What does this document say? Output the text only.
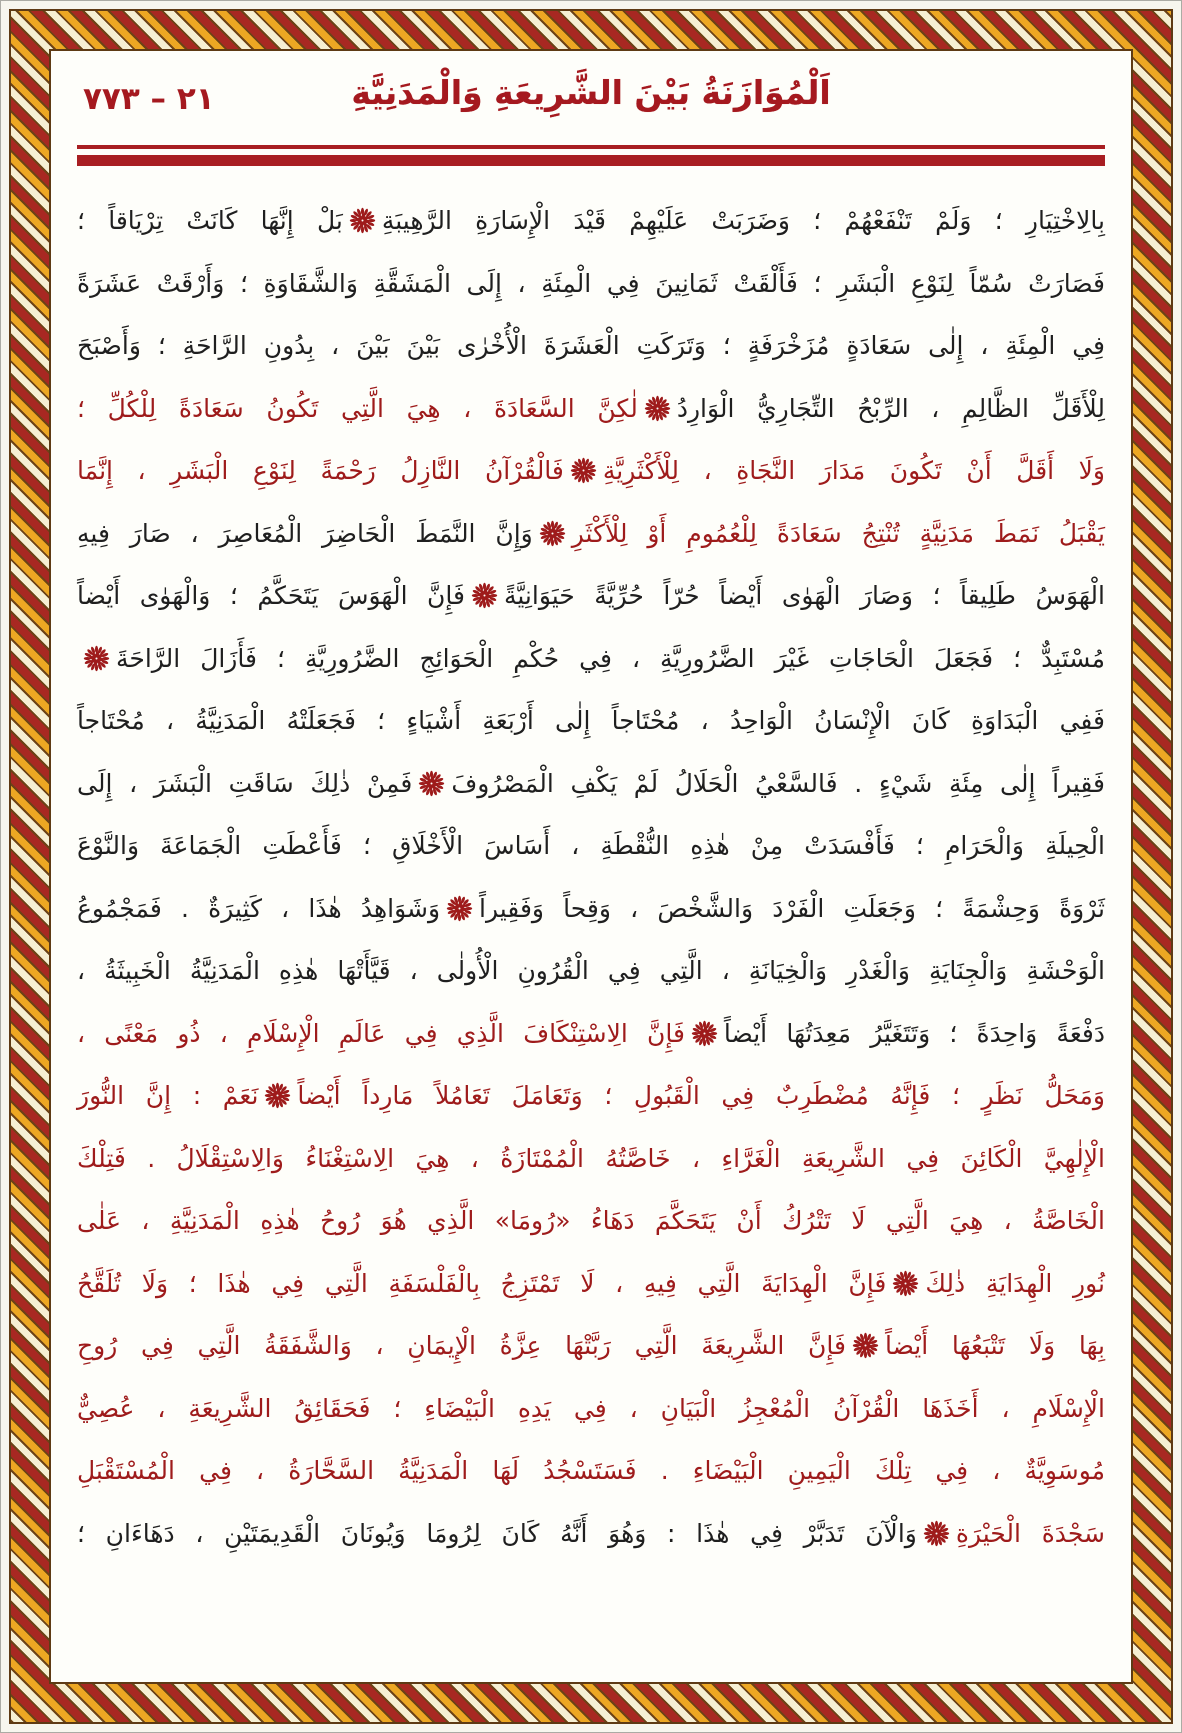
٢١ – ٧٧٣	اَلْمُوَازَنَةُ بَيْنَ الشَّرِيعَةِ وَالْمَدَنِيَّةِ
بِالِاخْتِيَارِ ؛ وَلَمْ تَنْفَعْهُمْ ؛ وَضَرَبَتْ عَلَيْهِمْ قَيْدَ الْإِسَارَةِ الرَّهِيبَةِ
بَلْ إِنَّهَا كَانَتْ تِرْيَاقاً ؛
فَصَارَتْ سُمّاً لِنَوْعِ الْبَشَرِ ؛ فَأَلْقَتْ ثَمَانِينَ فِي الْمِئَةِ ، إِلَى الْمَشَقَّةِ وَالشَّقَاوَةِ ؛ وَأَرْقَتْ عَشَرَةً
فِي الْمِئَةِ ، إِلٰى سَعَادَةٍ مُزَخْرَفَةٍ ؛ وَتَرَكَتِ الْعَشَرَةَ الْأُخْرٰى بَيْنَ بَيْنَ ، بِدُونِ الرَّاحَةِ ؛ وَأَصْبَحَ
لِلْأَقَلِّ الظَّالِمِ ، الرِّبْحُ التِّجَارِيُّ الْوَارِدُ
لٰكِنَّ السَّعَادَةَ ، هِيَ الَّتِي تَكُونُ سَعَادَةً لِلْكُلِّ ؛
وَلَا أَقَلَّ أَنْ تَكُونَ مَدَارَ النَّجَاةِ ، لِلْأَكْثَرِيَّةِ
فَالْقُرْآنُ النَّازِلُ رَحْمَةً لِنَوْعِ الْبَشَرِ ، إِنَّمَا
يَقْبَلُ نَمَطَ مَدَنِيَّةٍ تُنْتِجُ سَعَادَةً لِلْعُمُومِ أَوْ لِلْأَكْثَرِ
وَإِنَّ النَّمَطَ الْحَاضِرَ الْمُعَاصِرَ ، صَارَ فِيهِ
الْهَوَسُ طَلِيقاً ؛ وَصَارَ الْهَوٰى أَيْضاً حُرّاً حُرِّيَّةً حَيَوَانِيَّةً
فَإِنَّ الْهَوَسَ يَتَحَكَّمُ ؛ وَالْهَوٰى أَيْضاً
مُسْتَبِدٌّ ؛ فَجَعَلَ الْحَاجَاتِ غَيْرَ الضَّرُورِيَّةِ ، فِي حُكْمِ الْحَوَائِجِ الضَّرُورِيَّةِ ؛ فَأَزَالَ الرَّاحَةَ
فَفِي الْبَدَاوَةِ كَانَ الْإِنْسَانُ الْوَاحِدُ ، مُحْتَاجاً إِلٰى أَرْبَعَةِ أَشْيَاءٍ ؛ فَجَعَلَتْهُ الْمَدَنِيَّةُ ، مُحْتَاجاً
فَقِيراً إِلٰى مِئَةِ شَيْءٍ . فَالسَّعْيُ الْحَلَالُ لَمْ يَكْفِ الْمَصْرُوفَ
فَمِنْ ذٰلِكَ سَاقَتِ الْبَشَرَ ، إِلَى
الْحِيلَةِ وَالْحَرَامِ ؛ فَأَفْسَدَتْ مِنْ هٰذِهِ النُّقْطَةِ ، أَسَاسَ الْأَخْلَاقِ ؛ فَأَعْطَتِ الْجَمَاعَةَ وَالنَّوْعَ
ثَرْوَةً وَحِشْمَةً ؛ وَجَعَلَتِ الْفَرْدَ وَالشَّخْصَ ، وَقِحاً وَفَقِيراً
وَشَوَاهِدُ هٰذَا ، كَثِيرَةٌ . فَمَجْمُوعُ
الْوَحْشَةِ وَالْجِنَايَةِ وَالْغَدْرِ وَالْخِيَانَةِ ، الَّتِي فِي الْقُرُونِ الْأُولٰى ، قَيَّأَتْهَا هٰذِهِ الْمَدَنِيَّةُ الْخَبِيثَةُ ،
دَفْعَةً وَاحِدَةً ؛ وَتَتَغَيَّرُ مَعِدَتُهَا أَيْضاً
فَإِنَّ الِاسْتِنْكَافَ الَّذِي فِي عَالَمِ الْإِسْلَامِ ، ذُو مَعْنًى ،
وَمَحَلُّ نَظَرٍ ؛ فَإِنَّهُ مُضْطَرِبٌ فِي الْقَبُولِ ؛ وَتَعَامَلَ تَعَامُلاً مَارِداً أَيْضاً
نَعَمْ : إِنَّ النُّورَ
الْإِلٰهِيَّ الْكَائِنَ فِي الشَّرِيعَةِ الْغَرَّاءِ ، خَاصَّتُهُ الْمُمْتَازَةُ ، هِيَ الِاسْتِغْنَاءُ وَالِاسْتِقْلَالُ . فَتِلْكَ
الْخَاصَّةُ ، هِيَ الَّتِي لَا تَتْرُكُ أَنْ يَتَحَكَّمَ دَهَاءُ «رُومَا» الَّذِي هُوَ رُوحُ هٰذِهِ الْمَدَنِيَّةِ ، عَلٰى
نُورِ الْهِدَايَةِ ذٰلِكَ
فَإِنَّ الْهِدَايَةَ الَّتِي فِيهِ ، لَا تَمْتَزِجُ بِالْفَلْسَفَةِ الَّتِي فِي هٰذَا ؛ وَلَا تُلَقَّحُ
بِهَا وَلَا تَتْبَعُهَا أَيْضاً
فَإِنَّ الشَّرِيعَةَ الَّتِي رَبَّتْهَا عِزَّةُ الْإِيمَانِ ، وَالشَّفَقَةُ الَّتِي فِي رُوحِ
الْإِسْلَامِ ، أَخَذَهَا الْقُرْآنُ الْمُعْجِزُ الْبَيَانِ ، فِي يَدِهِ الْبَيْضَاءِ ؛ فَحَقَائِقُ الشَّرِيعَةِ ، عُصِيٌّ
مُوسَوِيَّةٌ ، فِي تِلْكَ الْيَمِينِ الْبَيْضَاءِ . فَسَتَسْجُدُ لَهَا الْمَدَنِيَّةُ السَّحَّارَةُ ، فِي الْمُسْتَقْبَلِ
سَجْدَةَ الْحَيْرَةِ
وَالْآنَ تَدَبَّرْ فِي هٰذَا : وَهُوَ أَنَّهُ كَانَ لِرُومَا وَيُونَانَ الْقَدِيمَتَيْنِ ، دَهَاءَانِ ؛
